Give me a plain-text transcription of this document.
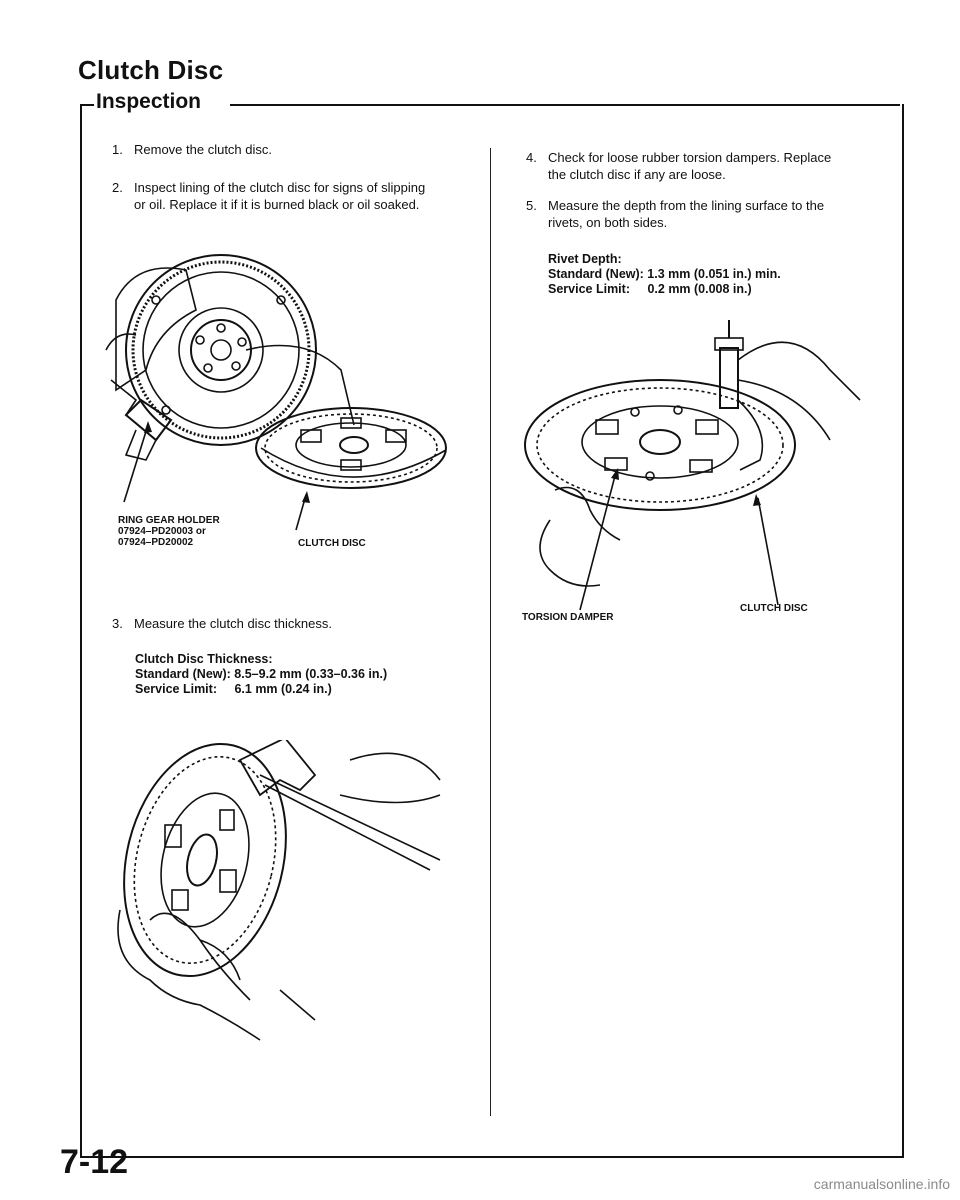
Clutch Disc
Inspection
1. Remove the clutch disc.
2. Inspect lining of the clutch disc for signs of slipping
or oil. Replace it if it is burned black or oil soaked.
RING GEAR HOLDER
07924–PD20003 or
07924–PD20002	CLUTCH DISC
3. Measure the clutch disc thickness.
Clutch Disc Thickness:
Standard (New): 8.5–9.2 mm (0.33–0.36 in.)
Service Limit: 6.1 mm (0.24 in.)
4. Check for loose rubber torsion dampers. Replace
the clutch disc if any are loose.
5. Measure the depth from the lining surface to the
rivets, on both sides.
Rivet Depth:
Standard (New): 1.3 mm (0.051 in.) min.
Service Limit: 0.2 mm (0.008 in.)
TORSION DAMPER
CLUTCH DISC
7-12
carmanualsonline.info
